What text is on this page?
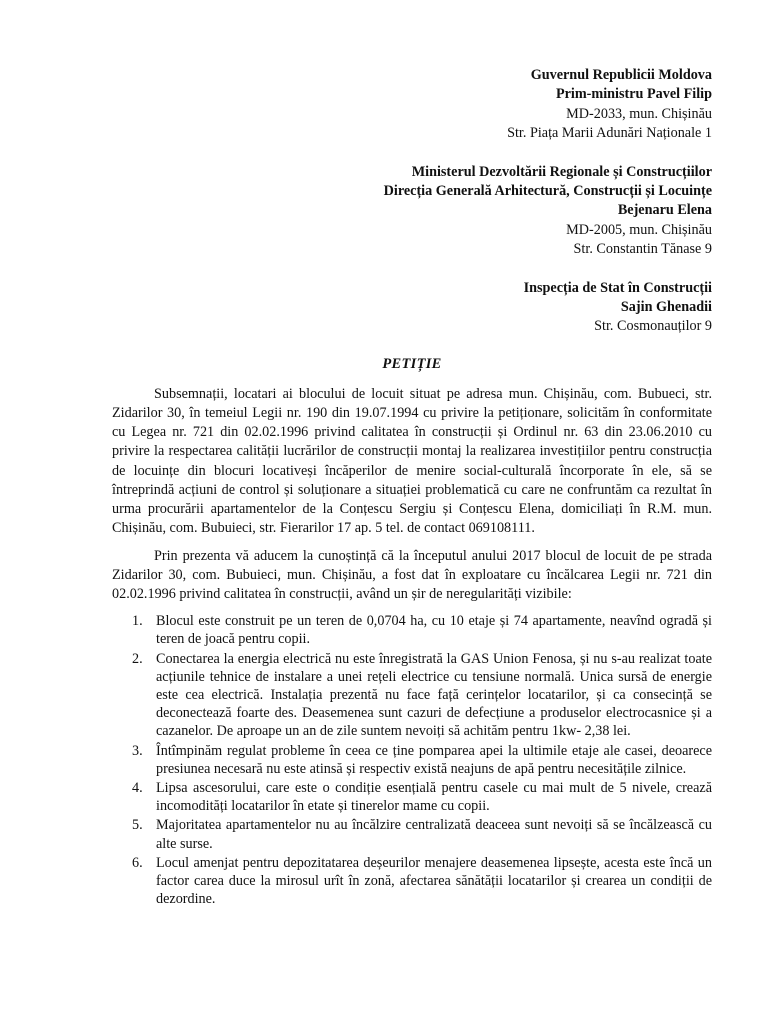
Guvernul Republicii Moldova
Prim-ministru Pavel Filip
MD-2033, mun. Chișinău
Str. Piața Marii Adunări Naționale 1
Ministerul Dezvoltării Regionale și Construcțiilor
Direcția Generală Arhitectură, Construcții și Locuințe
Bejenaru Elena
MD-2005, mun. Chișinău
Str. Constantin Tănase 9
Inspecția de Stat în Construcții
Sajin Ghenadii
Str. Cosmonauților 9
PETIȚIE

Subsemnații, locatari ai blocului de locuit situat pe adresa mun. Chișinău, com. Bubueci, str. Zidarilor 30, în temeiul Legii nr. 190 din 19.07.1994 cu privire la petiționare, solicităm în conformitate cu Legea nr. 721 din 02.02.1996 privind calitatea în construcții și Ordinul nr. 63 din 23.06.2010 cu privire la respectarea calității lucrărilor de construcții montaj la realizarea investițiilor pentru construcția de locuințe din blocuri locativeși încăperilor de menire social-culturală încorporate în ele, să se întreprindă acțiuni de control și soluționare a situației problematică cu care ne confruntăm ca rezultat în urma procurării apartamentelor de la Conțescu Sergiu și Conțescu Elena, domiciliați în R.M. mun. Chișinău, com. Bubuieci, str. Fierarilor 17 ap. 5 tel. de contact 069108111.

Prin prezenta vă aducem la cunoștință că la începutul anului 2017 blocul de locuit de pe strada Zidarilor 30, com. Bubuieci, mun. Chișinău, a fost dat în exploatare cu încălcarea Legii nr. 721 din 02.02.1996 privind calitatea în construcții, având un șir de neregularități vizibile:

1. Blocul este construit pe un teren de 0,0704 ha, cu 10 etaje și 74 apartamente, neavînd ogradă și teren de joacă pentru copii.
2. Conectarea la energia electrică nu este înregistrată la GAS Union Fenosa, și nu s-au realizat toate acțiunile tehnice de instalare a unei rețeli electrice cu tensiune normală. Unica sursă de energie este cea electrică. Instalația prezentă nu face față cerințelor locatarilor, și ca consecință se deconectează foarte des. Deasemenea sunt cazuri de defecțiune a produselor electrocasnice și a cazanelor. De aproape un an de zile suntem nevoiți să achităm pentru 1kw- 2,38 lei.
3. Întîmpinăm regulat probleme în ceea ce ține pomparea apei la ultimile etaje ale casei, deoarece presiunea necesară nu este atinsă și respectiv există neajuns de apă pentru necesitățile zilnice.
4. Lipsa ascesorului, care este o condiție esențială pentru casele cu mai mult de 5 nivele, crează incomodități locatarilor în etate și tinerelor mame cu copii.
5. Majoritatea apartamentelor nu au încălzire centralizată deaceea sunt nevoiți să se încălzească cu alte surse.
6. Locul amenjat pentru depozitatarea deșeurilor menajere deasemenea lipsește, acesta este încă un factor carea duce la mirosul urît în zonă, afectarea sănătății locatarilor și crearea un condiții de dezordine.
